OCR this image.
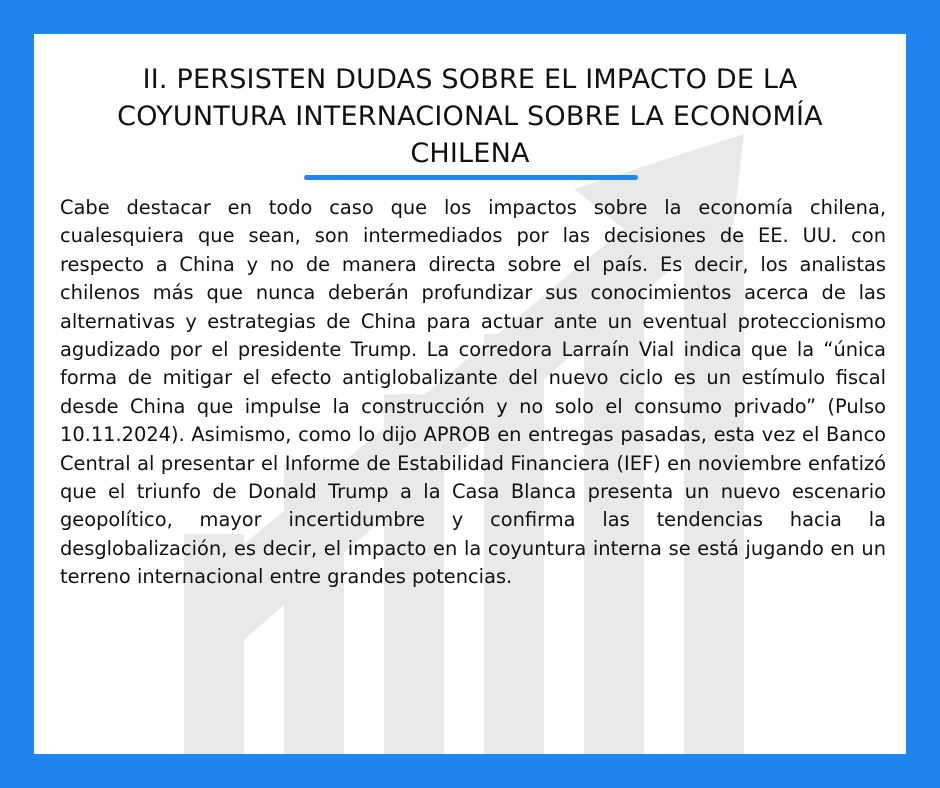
II. PERSISTEN DUDAS SOBRE EL IMPACTO DE LA COYUNTURA INTERNACIONAL SOBRE LA ECONOMÍA CHILENA

Cabe destacar en todo caso que los impactos sobre la economía chilena, cualesquiera que sean, son intermediados por las decisiones de EE. UU. con respecto a China y no de manera directa sobre el país. Es decir, los analistas chilenos más que nunca deberán profundizar sus conocimientos acerca de las alternativas y estrategias de China para actuar ante un eventual proteccionismo agudizado por el presidente Trump. La corredora Larraín Vial indica que la “única forma de mitigar el efecto antiglobalizante del nuevo ciclo es un estímulo fiscal desde China que impulse la construcción y no solo el consumo privado” (Pulso 10.11.2024). Asimismo, como lo dijo APROB en entregas pasadas, esta vez el Banco Central al presentar el Informe de Estabilidad Financiera (IEF) en noviembre enfatizó que el triunfo de Donald Trump a la Casa Blanca presenta un nuevo escenario geopolítico, mayor incertidumbre y confirma las tendencias hacia la desglobalización, es decir, el impacto en la coyuntura interna se está jugando en un terreno internacional entre grandes potencias.
